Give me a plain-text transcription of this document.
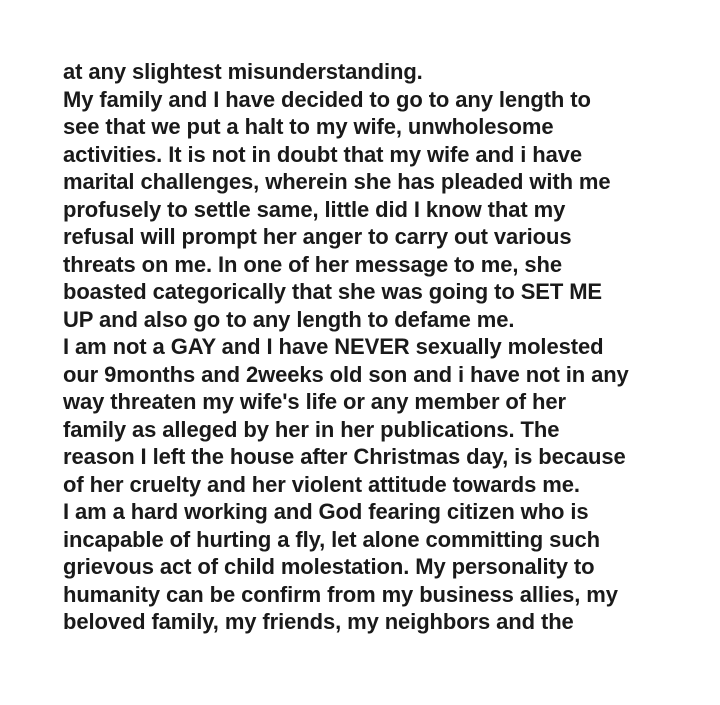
at any slightest misunderstanding.
My family and I have decided to go to any length to
see that we put a halt to my wife, unwholesome
activities. It is not in doubt that my wife and i have
marital challenges, wherein she has pleaded with me
profusely to settle same, little did I know that my
refusal will prompt her anger to carry out various
threats on me. In one of her message to me, she
boasted categorically that she was going to SET ME
UP and also go to any length to defame me.
I am not a GAY and I have NEVER sexually molested
our 9months and 2weeks old son and i have not in any
way threaten my wife's life or any member of her
family as alleged by her in her publications. The
reason I left the house after Christmas day, is because
of her cruelty and her violent attitude towards me.
I am a hard working and God fearing citizen who is
incapable of hurting a fly, let alone committing such
grievous act of child molestation. My personality to
humanity can be confirm from my business allies, my
beloved family, my friends, my neighbors and the
